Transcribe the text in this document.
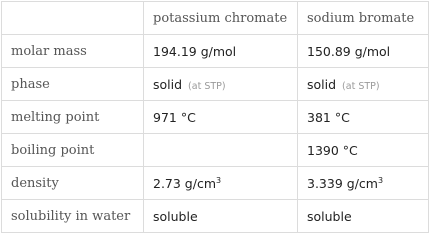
	potassium chromate	sodium bromate
molar mass	194.19 g/mol	150.89 g/mol
phase	solid (at STP)	solid (at STP)
melting point	971 °C	381 °C
boiling point		1390 °C
density	2.73 $g/cm^3$	3.339 $g/cm^3$
solubility in water	soluble	soluble
